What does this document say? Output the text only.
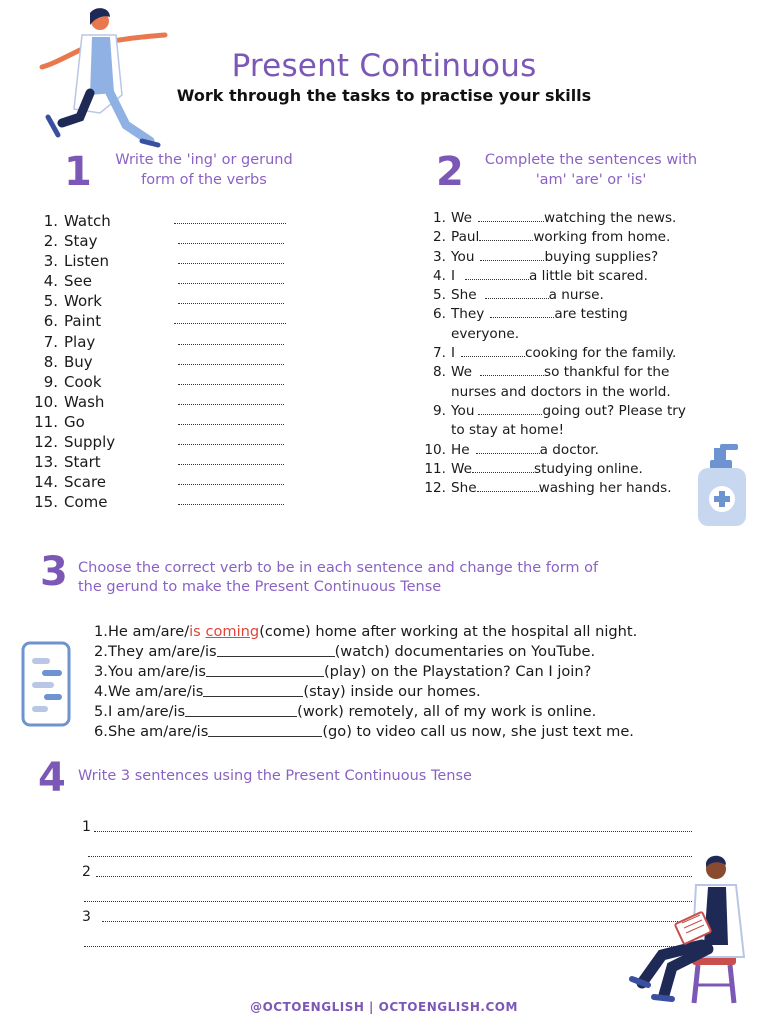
Present Continuous
Work through the tasks to practise your skills
1	Write the 'ing' or gerund
form of the verbs
1. Watch
2. Stay
3. Listen
4. See
5. Work
6. Paint
7. Play
8. Buy
9. Cook
10. Wash
11. Go
12. Supply
13. Start
14. Scare
15. Come
2	Complete the sentences with
'am' 'are' or 'is'
1. We	watching the news.
2. Paul	working from home.
3. You	buying supplies?
4. I	a little bit scared.
5. She	a nurse.
6. They	are testing
everyone.
7. I	cooking for the family.
8. We	so thankful for the
nurses and doctors in the world.
9. You	going out? Please try
to stay at home!
10. He	a doctor.
11. We	studying online.
12. She	washing her hands.
3 Choose the correct verb to be in each sentence and change the form of
the gerund to make the Present Continuous Tense
1. He am/are/ is
coming (come) home after working at the hospital all night.
2. They am/are/is	(watch) documentaries on YouTube.
3. You am/are/is	(play) on the Playstation? Can I join?
4. We am/are/is	(stay) inside our homes.
5. I am/are/is	(work) remotely, all of my work is online.
6. She am/are/is	(go) to video call us now, she just text me.
4 Write 3 sentences using the Present Continuous Tense
1
2
3
@OCTOENGLISH | OCTOENGLISH.COM
